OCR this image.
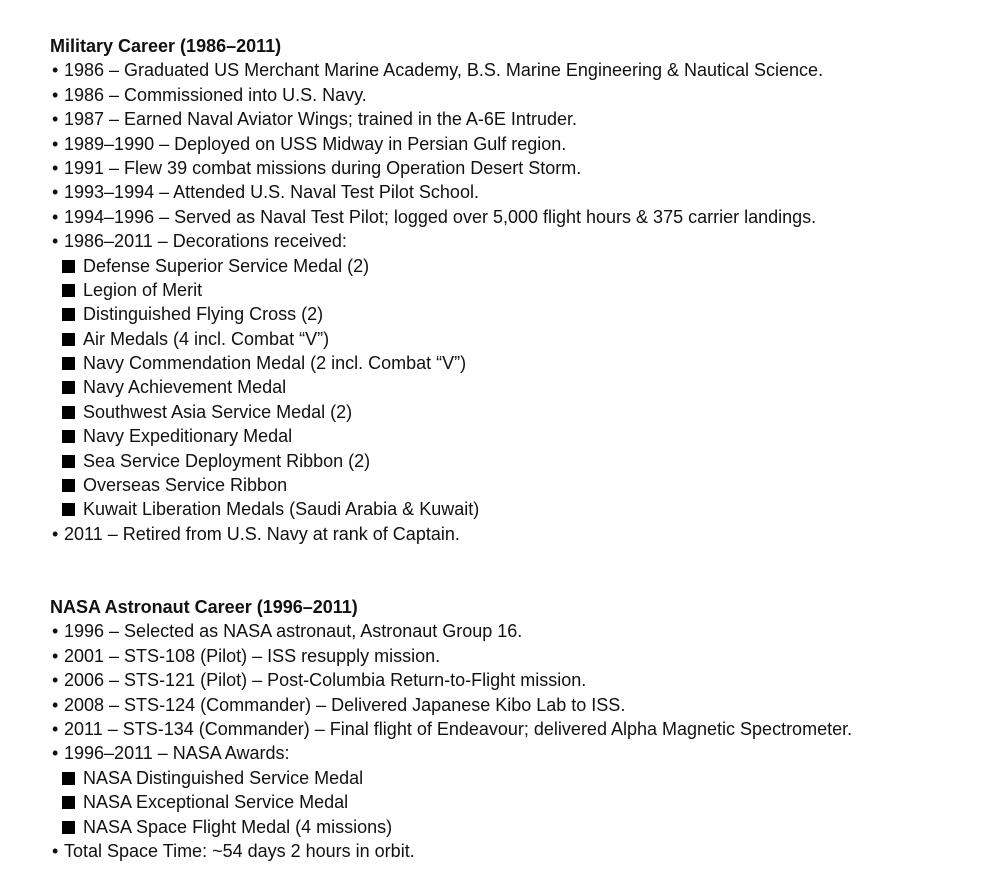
Military Career (1986–2011)
• 1986 – Graduated US Merchant Marine Academy, B.S. Marine Engineering & Nautical Science.
• 1986 – Commissioned into U.S. Navy.
• 1987 – Earned Naval Aviator Wings; trained in the A-6E Intruder.
• 1989–1990 – Deployed on USS Midway in Persian Gulf region.
• 1991 – Flew 39 combat missions during Operation Desert Storm.
• 1993–1994 – Attended U.S. Naval Test Pilot School.
• 1994–1996 – Served as Naval Test Pilot; logged over 5,000 flight hours & 375 carrier landings.
• 1986–2011 – Decorations received:
Defense Superior Service Medal (2)
Legion of Merit
Distinguished Flying Cross (2)
Air Medals (4 incl. Combat “V”)
Navy Commendation Medal (2 incl. Combat “V”)
Navy Achievement Medal
Southwest Asia Service Medal (2)
Navy Expeditionary Medal
Sea Service Deployment Ribbon (2)
Overseas Service Ribbon
Kuwait Liberation Medals (Saudi Arabia & Kuwait)
• 2011 – Retired from U.S. Navy at rank of Captain.
NASA Astronaut Career (1996–2011)
• 1996 – Selected as NASA astronaut, Astronaut Group 16.
• 2001 – STS-108 (Pilot) – ISS resupply mission.
• 2006 – STS-121 (Pilot) – Post-Columbia Return-to-Flight mission.
• 2008 – STS-124 (Commander) – Delivered Japanese Kibo Lab to ISS.
• 2011 – STS-134 (Commander) – Final flight of Endeavour; delivered Alpha Magnetic Spectrometer.
• 1996–2011 – NASA Awards:
NASA Distinguished Service Medal
NASA Exceptional Service Medal
NASA Space Flight Medal (4 missions)
• Total Space Time: ~54 days 2 hours in orbit.
